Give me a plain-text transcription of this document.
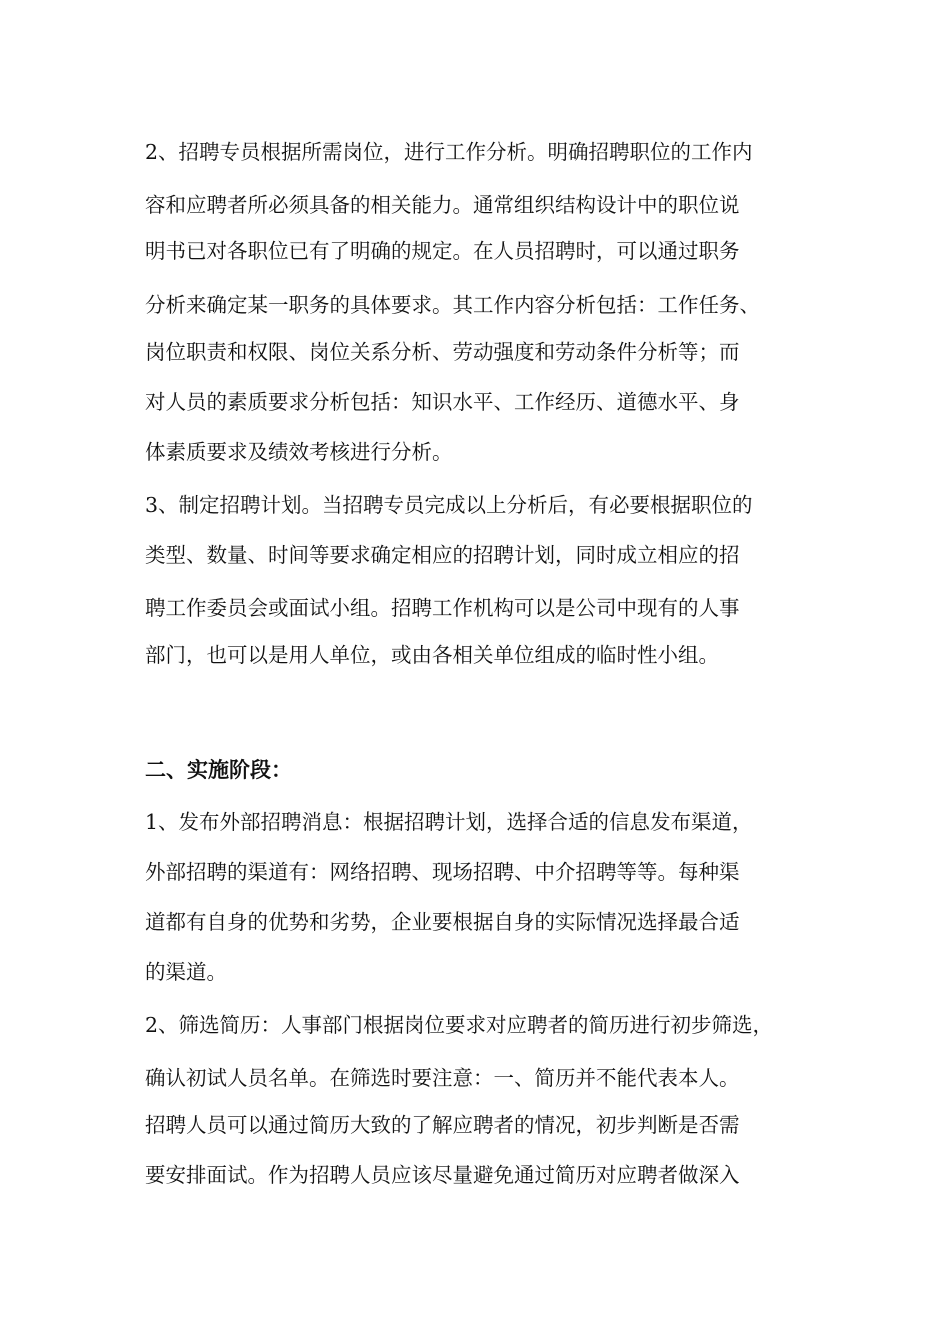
2、招聘专员根据所需岗位，进行工作分析。明确招聘职位的工作内

容和应聘者所必须具备的相关能力。通常组织结构设计中的职位说

明书已对各职位已有了明确的规定。在人员招聘时，可以通过职务

分析来确定某一职务的具体要求。其工作内容分析包括：工作任务、

岗位职责和权限、岗位关系分析、劳动强度和劳动条件分析等；而

对人员的素质要求分析包括：知识水平、工作经历、道德水平、身

体素质要求及绩效考核进行分析。

3、制定招聘计划。当招聘专员完成以上分析后，有必要根据职位的

类型、数量、时间等要求确定相应的招聘计划，同时成立相应的招

聘工作委员会或面试小组。招聘工作机构可以是公司中现有的人事

部门，也可以是用人单位，或由各相关单位组成的临时性小组。

二、实施阶段：

1、发布外部招聘消息：根据招聘计划，选择合适的信息发布渠道，

外部招聘的渠道有：网络招聘、现场招聘、中介招聘等等。每种渠

道都有自身的优势和劣势，企业要根据自身的实际情况选择最合适

的渠道。

2、筛选简历：人事部门根据岗位要求对应聘者的简历进行初步筛选，

确认初试人员名单。在筛选时要注意：一、简历并不能代表本人。

招聘人员可以通过简历大致的了解应聘者的情况，初步判断是否需

要安排面试。作为招聘人员应该尽量避免通过简历对应聘者做深入
